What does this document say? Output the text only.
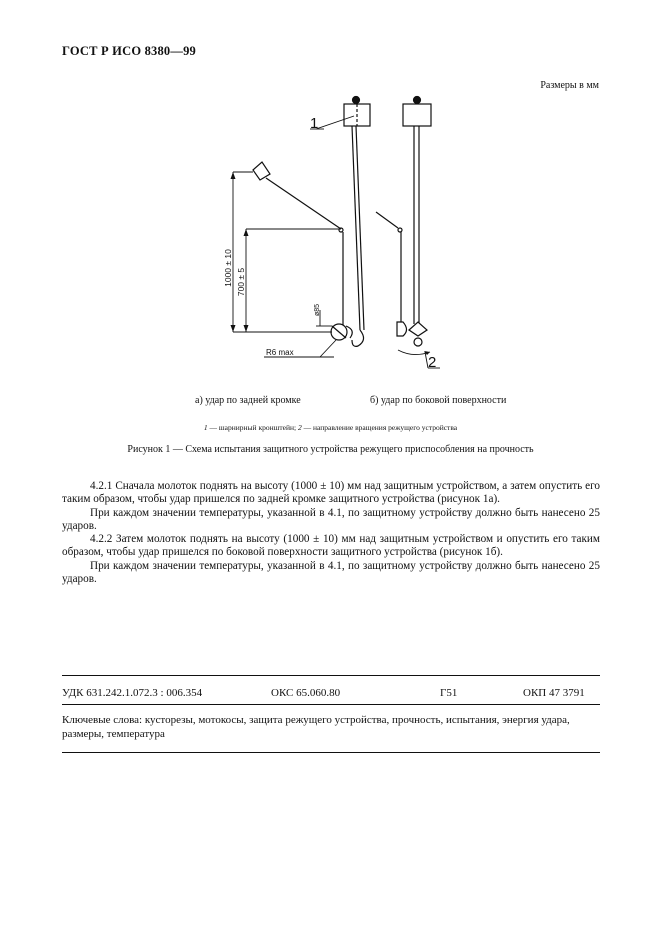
ГОСТ Р ИСО 8380—99
Размеры в мм
1
2
1000 ± 10 700 ± 5
ø85
R6 max
а) удар по задней кромке	б) удар по боковой поверхности
1 — шарнирный кронштейн; 2 — направление вращения режущего устройства
Рисунок 1 — Схема испытания защитного устройства режущего приспособления на прочность

4.2.1 Сначала молоток поднять на высоту (1000 ± 10) мм над защитным устройством, а затем опустить его таким образом, чтобы удар пришелся по задней кромке защитного устройства (рисунок 1а).

При каждом значении температуры, указанной в 4.1, по защитному устройству должно быть нанесено 25 ударов.

4.2.2 Затем молоток поднять на высоту (1000 ± 10) мм над защитным устройством и опустить его таким образом, чтобы удар пришелся по боковой поверхности защитного устройства (рисунок 1б).

При каждом значении температуры, указанной в 4.1, по защитному устройству должно быть нанесено 25 ударов.

УДК 631.242.1.072.3 : 006.354	ОКС 65.060.80	Г51	ОКП 47 3791
Ключевые слова: кусторезы, мотокосы, защита режущего устройства, прочность, испытания, энергия удара, размеры, температура
